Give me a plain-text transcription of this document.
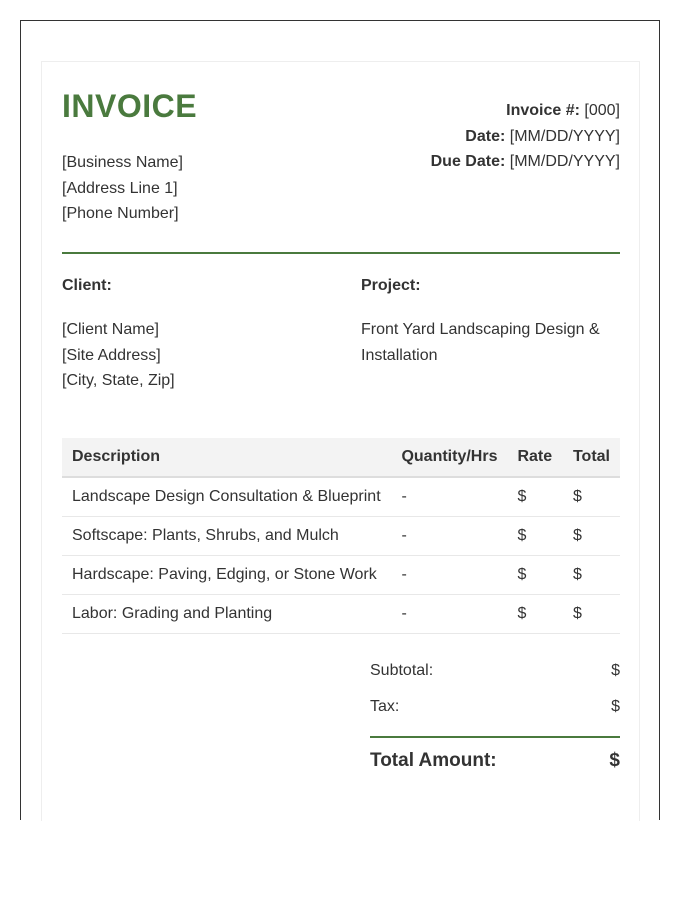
INVOICE
[Business Name]
[Address Line 1]
[Phone Number]
Invoice #: [000]
Date: [MM/DD/YYYY]
Due Date: [MM/DD/YYYY]
Client:	Project:
[Client Name]
[Site Address]
[City, State, Zip]
Front Yard Landscaping Design & Installation
Description	Quantity/Hrs	Rate	Total
Landscape Design Consultation & Blueprint	-	$	$
Softscape: Plants, Shrubs, and Mulch	-	$	$
Hardscape: Paving, Edging, or Stone Work	-	$	$
Labor: Grading and Planting	-	$	$
Subtotal:	$
Tax:	$
Total Amount:	$
